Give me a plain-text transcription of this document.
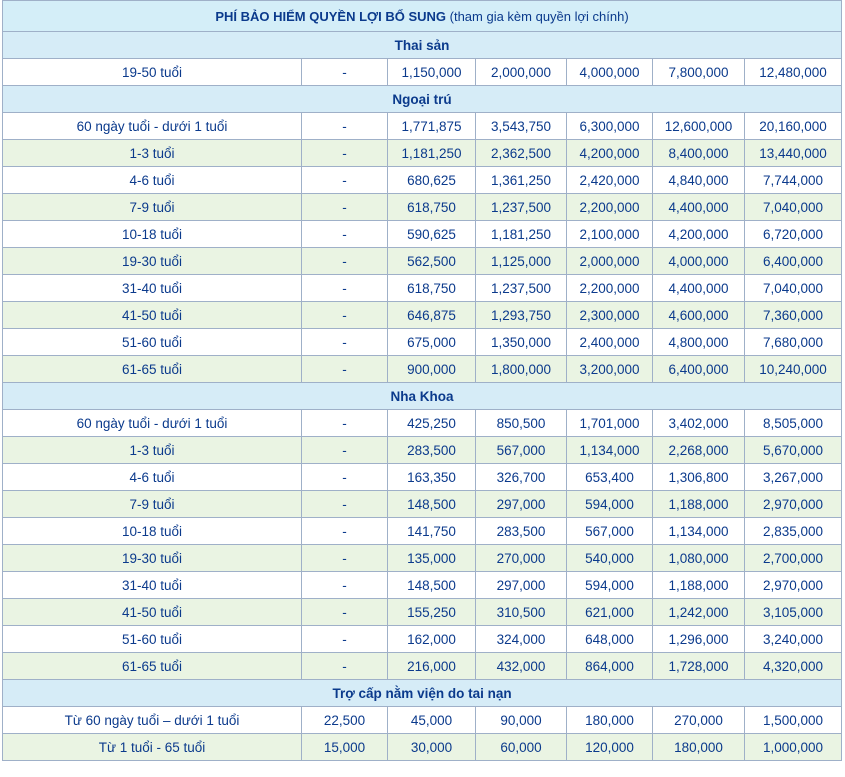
PHÍ BẢO HIỂM QUYỀN LỢI BỔ SUNG (tham gia kèm quyền lợi chính)						
Thai sản						
19-50 tuổi	-	1,150,000	2,000,000	4,000,000	7,800,000	12,480,000
Ngoại trú						
60 ngày tuổi - dưới 1 tuổi	-	1,771,875	3,543,750	6,300,000	12,600,000	20,160,000
1-3 tuổi	-	1,181,250	2,362,500	4,200,000	8,400,000	13,440,000
4-6 tuổi	-	680,625	1,361,250	2,420,000	4,840,000	7,744,000
7-9 tuổi	-	618,750	1,237,500	2,200,000	4,400,000	7,040,000
10-18 tuổi	-	590,625	1,181,250	2,100,000	4,200,000	6,720,000
19-30 tuổi	-	562,500	1,125,000	2,000,000	4,000,000	6,400,000
31-40 tuổi	-	618,750	1,237,500	2,200,000	4,400,000	7,040,000
41-50 tuổi	-	646,875	1,293,750	2,300,000	4,600,000	7,360,000
51-60 tuổi	-	675,000	1,350,000	2,400,000	4,800,000	7,680,000
61-65 tuổi	-	900,000	1,800,000	3,200,000	6,400,000	10,240,000
Nha Khoa						
60 ngày tuổi - dưới 1 tuổi	-	425,250	850,500	1,701,000	3,402,000	8,505,000
1-3 tuổi	-	283,500	567,000	1,134,000	2,268,000	5,670,000
4-6 tuổi	-	163,350	326,700	653,400	1,306,800	3,267,000
7-9 tuổi	-	148,500	297,000	594,000	1,188,000	2,970,000
10-18 tuổi	-	141,750	283,500	567,000	1,134,000	2,835,000
19-30 tuổi	-	135,000	270,000	540,000	1,080,000	2,700,000
31-40 tuổi	-	148,500	297,000	594,000	1,188,000	2,970,000
41-50 tuổi	-	155,250	310,500	621,000	1,242,000	3,105,000
51-60 tuổi	-	162,000	324,000	648,000	1,296,000	3,240,000
61-65 tuổi	-	216,000	432,000	864,000	1,728,000	4,320,000
Trợ cấp nằm viện do tai nạn						
Từ 60 ngày tuổi – dưới 1 tuổi	22,500	45,000	90,000	180,000	270,000	1,500,000
Từ 1 tuổi - 65 tuổi	15,000	30,000	60,000	120,000	180,000	1,000,000
